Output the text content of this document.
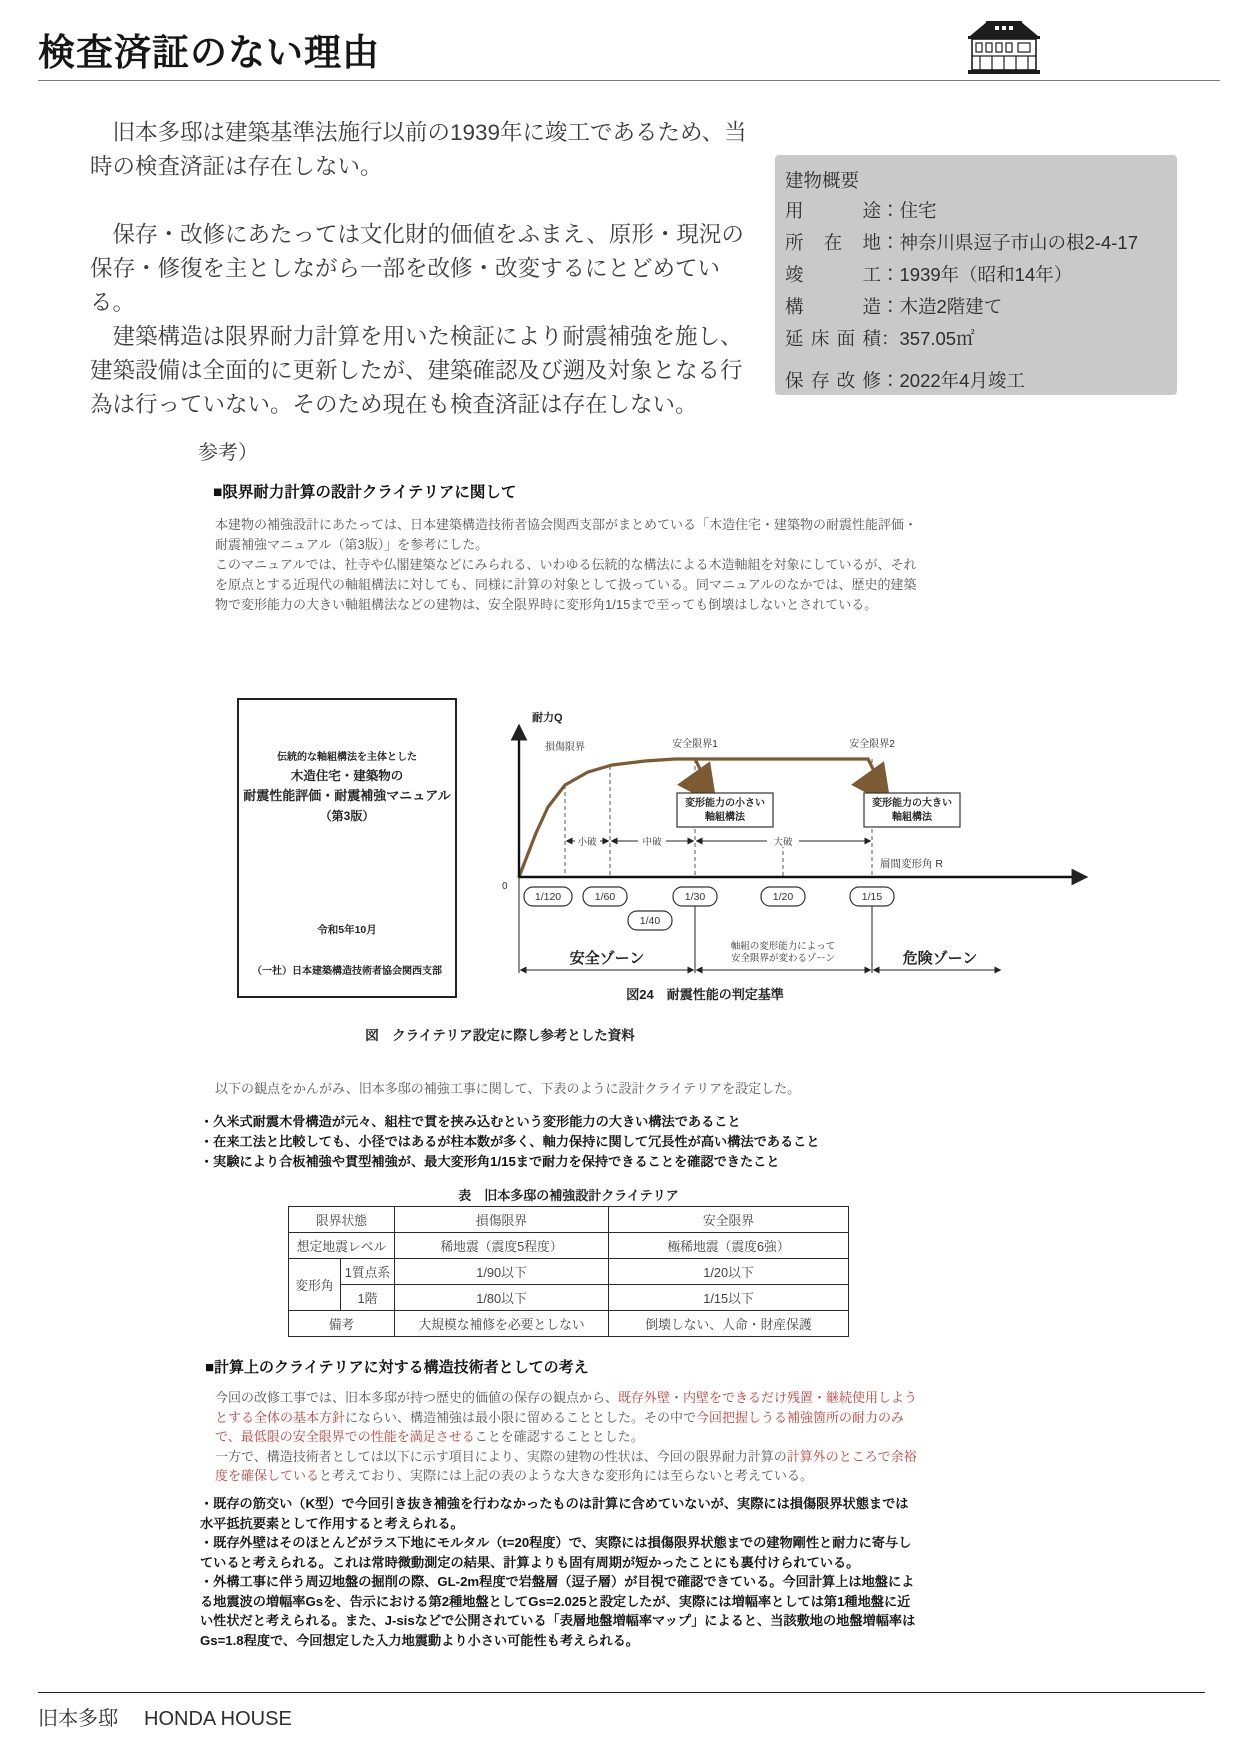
検査済証のない理由

旧本多邸は建築基準法施行以前の1939年に竣工であるため、当時の検査済証は存在しない。

保存・改修にあたっては文化財的価値をふまえ、原形・現況の保存・修復を主としながら一部を改修・改変するにとどめている。

建築構造は限界耐力計算を用いた検証により耐震補強を施し、建築設備は全面的に更新したが、建築確認及び遡及対象となる行為は行っていない。そのため現在も検査済証は存在しない。

建物概要
用途：住宅
所在地：神奈川県逗子市山の根2-4-17
竣工：1939年（昭和14年）
構造：木造2階建て
延床面積：357.05㎡
保存改修：2022年4月竣工
参考）
■限界耐力計算の設計クライテリアに関して

本建物の補強設計にあたっては、日本建築構造技術者協会関西支部がまとめている「木造住宅・建築物の耐震性能評価・耐震補強マニュアル（第3版）」を参考にした。

このマニュアルでは、社寺や仏閣建築などにみられる、いわゆる伝統的な構法による木造軸組を対象にしているが、それを原点とする近現代の軸組構法に対しても、同様に計算の対象として扱っている。同マニュアルのなかでは、歴史的建築物で変形能力の大きい軸組構法などの建物は、安全限界時に変形角1/15まで至っても倒壊はしないとされている。

伝統的な軸組構法を主体とした
木造住宅・建築物の
耐震性能評価・耐震補強マニュアル
（第3版）
令和5年10月
（一社）日本建築構造技術者協会関西支部
小破	中破	大破
1/120	1/60	1/30	1/20	1/15
1/40
変形能力の小さい
軸組構法
変形能力の大きい
軸組構法
損傷限界	安全限界1	安全限界2
耐力Q
層間変形角 R
0
安全ゾーン
軸組の変形能力によって
安全限界が変わるゾーン	危険ゾーン
図24　耐震性能の判定基準
図　クライテリア設定に際し参考とした資料
以下の観点をかんがみ、旧本多邸の補強工事に関して、下表のように設計クライテリアを設定した。

・久米式耐震木骨構造が元々、組柱で貫を挟み込むという変形能力の大きい構法であること

・在来工法と比較しても、小径ではあるが柱本数が多く、軸力保持に関して冗長性が高い構法であること

・実験により合板補強や貫型補強が、最大変形角1/15まで耐力を保持できることを確認できたこと

表　旧本多邸の補強設計クライテリア
限界状態		損傷限界	安全限界
想定地震レベル		稀地震（震度5程度）	極稀地震（震度6強）
変形角	1質点系	1/90以下	1/20以下
	1階	1/80以下	1/15以下
備考		大規模な補修を必要としない	倒壊しない、人命・財産保護
■計算上のクライテリアに対する構造技術者としての考え

今回の改修工事では、旧本多邸が持つ歴史的価値の保存の観点から、既存外壁・内壁をできるだけ残置・継続使用しようとする全体の基本方針にならい、構造補強は最小限に留めることとした。その中で今回把握しうる補強箇所の耐力のみで、最低限の安全限界での性能を満足させることを確認することとした。

一方で、構造技術者としては以下に示す項目により、実際の建物の性状は、今回の限界耐力計算の計算外のところで余裕度を確保していると考えており、実際には上記の表のような大きな変形角には至らないと考えている。

・既存の筋交い（K型）で今回引き抜き補強を行わなかったものは計算に含めていないが、実際には損傷限界状態までは水平抵抗要素として作用すると考えられる。

・既存外壁はそのほとんどがラス下地にモルタル（t=20程度）で、実際には損傷限界状態までの建物剛性と耐力に寄与していると考えられる。これは常時微動測定の結果、計算よりも固有周期が短かったことにも裏付けられている。

・外構工事に伴う周辺地盤の掘削の際、GL-2m程度で岩盤層（逗子層）が目視で確認できている。今回計算上は地盤による地震波の増幅率Gsを、告示における第2種地盤としてGs=2.025と設定したが、実際には増幅率としては第1種地盤に近い性状だと考えられる。また、J-sisなどで公開されている「表層地盤増幅率マップ」によると、当該敷地の地盤増幅率はGs=1.8程度で、今回想定した入力地震動より小さい可能性も考えられる。

旧本多邸 HONDA HOUSE
